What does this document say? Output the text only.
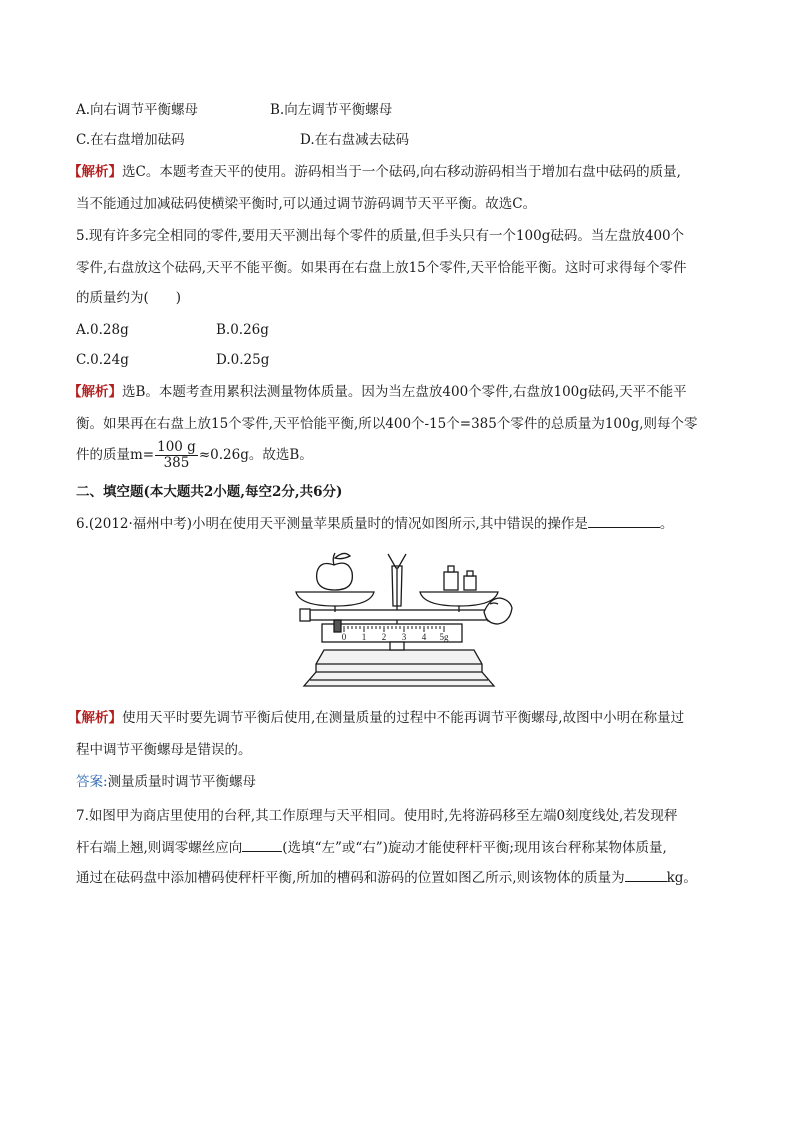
A.向右调节平衡螺母	B.向左调节平衡螺母
C.在右盘增加砝码	D.在右盘减去砝码
【解析】选C。本题考查天平的使用。游码相当于一个砝码,向右移动游码相当于增加右盘中砝码的质量,
当不能通过加减砝码使横梁平衡时,可以通过调节游码调节天平平衡。故选C。
5.现有许多完全相同的零件,要用天平测出每个零件的质量,但手头只有一个100g砝码。当左盘放400个
零件,右盘放这个砝码,天平不能平衡。如果再在右盘上放15个零件,天平恰能平衡。这时可求得每个零件
的质量约为(　　)
A.0.28g	B.0.26g
C.0.24g	D.0.25g
【解析】选B。本题考查用累积法测量物体质量。因为当左盘放400个零件,右盘放100g砝码,天平不能平
衡。如果再在右盘上放15个零件,天平恰能平衡,所以400个-15个=385个零件的总质量为100g,则每个零
件的质量$m= \frac{100 g}{385} \approx 0.26g$。故选B。
二、填空题(本大题共2小题,每空2分,共6分)
6.(2012·福州中考)小明在使用天平测量苹果质量时的情况如图所示,其中错误的操作是	。
【解析】使用天平时要先调节平衡后使用,在测量质量的过程中不能再调节平衡螺母,故图中小明在称量过
程中调节平衡螺母是错误的。
答案:测量质量时调节平衡螺母
7.如图甲为商店里使用的台秤,其工作原理与天平相同。使用时,先将游码移至左端0刻度线处,若发现秤
杆右端上翘,则调零螺丝应向	(选填“左”或“右”)旋动才能使秤杆平衡;现用该台秤称某物体质量,
通过在砝码盘中添加槽码使秤杆平衡,所加的槽码和游码的位置如图乙所示,则该物体的质量为	kg。
0 1 2 3 4 5g
